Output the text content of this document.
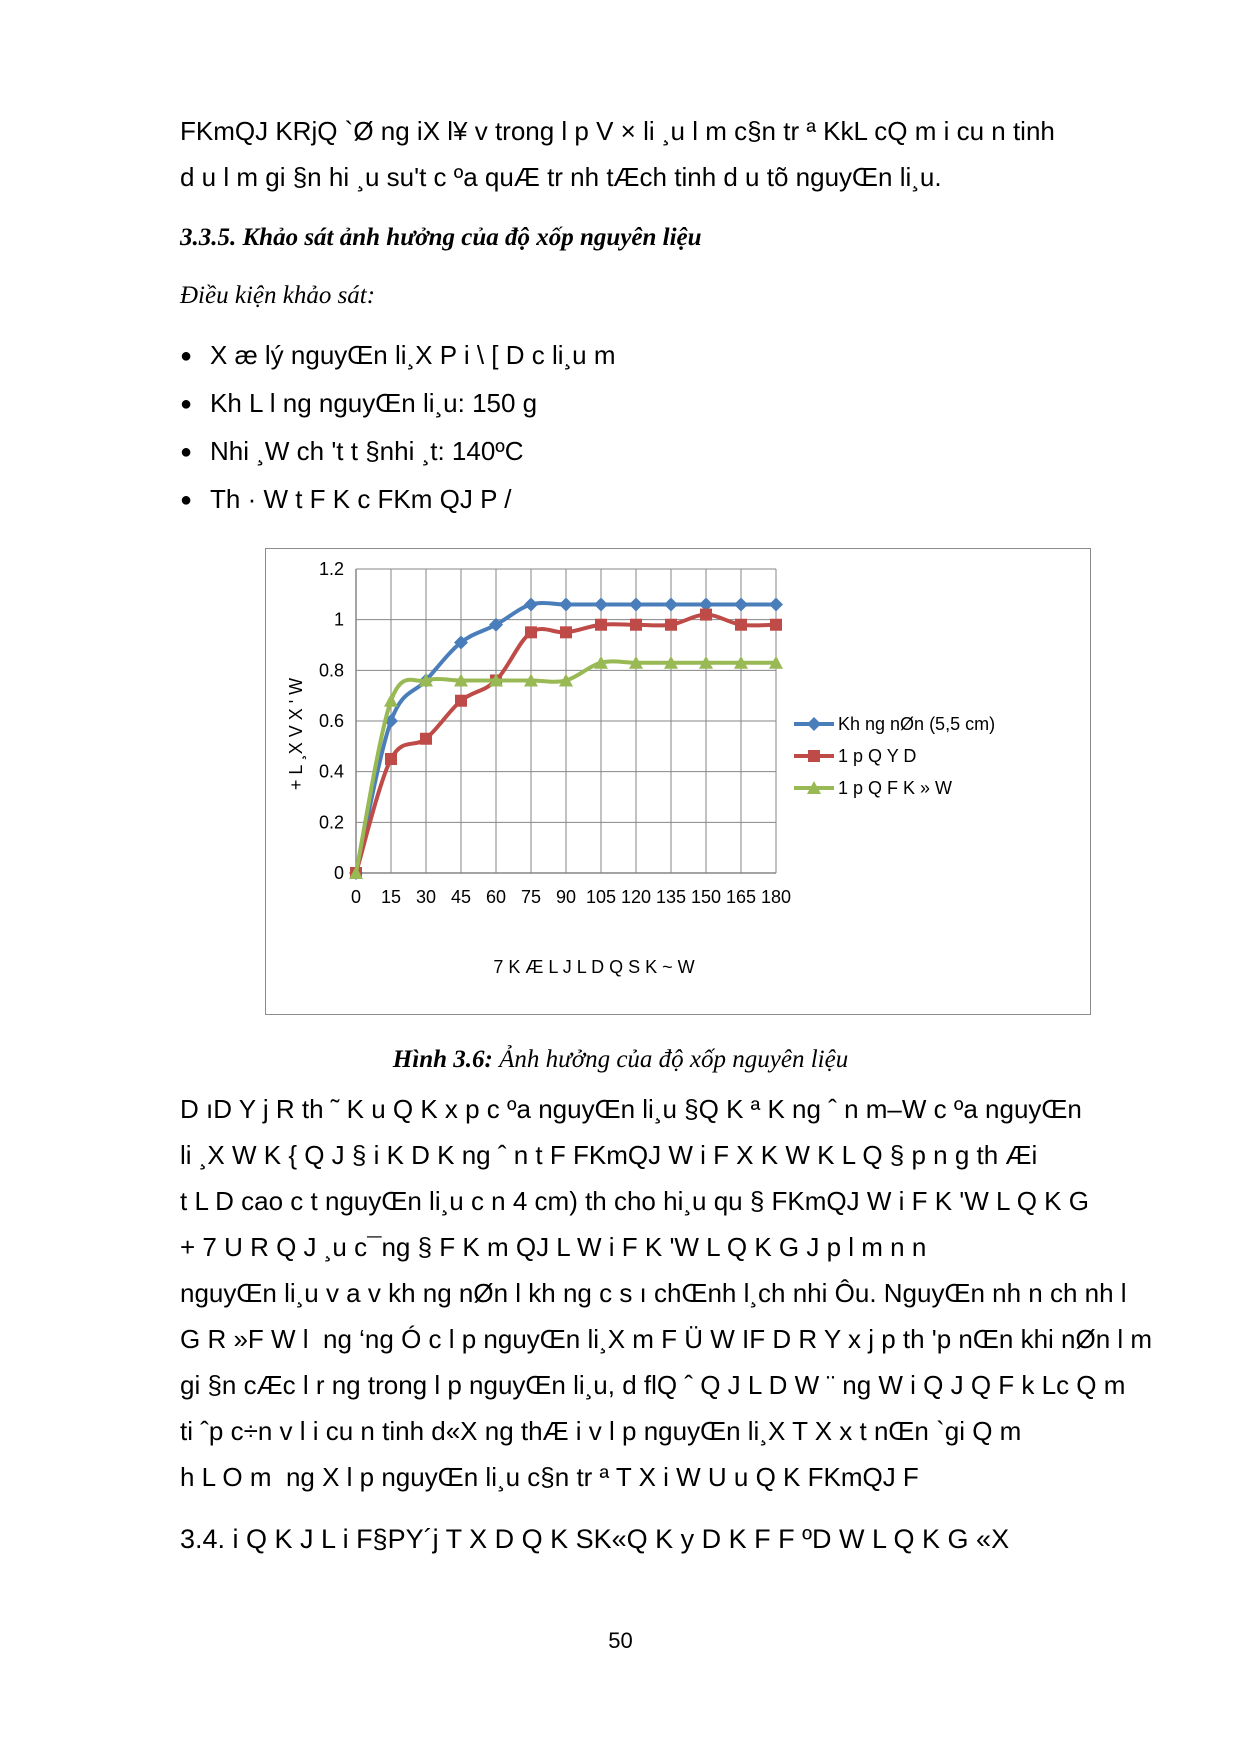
FKmQJ KRjQ `Ø ng iX l¥ v trong l p V × li ¸u l m c§n tr ª KkL cQ m i cu n tinh
d u l m gi §n hi ¸u su't c ºa quÆ tr nh tÆch tinh d u tõ nguyŒn li¸u.
3.3.5. Khảo sát ảnh hưởng của độ xốp nguyên liệu
Điều kiện khảo sát:
● X æ lý nguyŒn li¸X P i \ [ D c li¸u m
● Kh L l ng nguyŒn li¸u: 150 g
● Nhi ¸W ch 't t §nhi ¸t: 140ºC
● Th · W t F K c FKm QJ P /
0
0.2
0.4
0.6
0.8
1
1.2
0 15 30 45 60 75 90 105 120 135 150 165 180
Kh ng nØn (5,5 cm)
1 p Q Y D
1 p Q F K » W
+ L ¸X V X ' W
7 K Æ L J L D Q S K ~ W
Hình 3.6: Ảnh hưởng của độ xốp nguyên liệu
D ıD Y j R th ˜ K u Q K x p c ºa nguyŒn li¸u §Q K ª K ng ˆ n m–W c ºa nguyŒn
li ¸X W K { Q J § i K D K ng ˆ n t F FKmQJ W i F X K W K L Q § p n g th Æi
t L D cao c t nguyŒn li¸u c n 4 cm) th cho hi¸u qu § FKmQJ W i F K 'W L Q K G
+ 7 U R Q J ¸u c¯ng § F K m QJ L W i F K 'W L Q K G J p l m n n
nguyŒn li¸u v a v kh ng nØn l kh ng c s ı chŒnh l¸ch nhi Ôu. NguyŒn nh n ch nh l
G R »F W l ng ‘ng Ó c l p nguyŒn li¸X m F Ü W IF D R Y x j p th 'p nŒn khi nØn l m
gi §n cÆc l r ng trong l p nguyŒn li¸u, d flQ ˆ Q J L D W ¨ ng W i Q J Q F k Lc Q m
ti ˆp c÷n v l i cu n tinh d«X ng thÆ i v l p nguyŒn li¸X T X x t nŒn `gi Q m
h L O m ng X l p nguyŒn li¸u c§n tr ª T X i W U u Q K FKmQJ F
3.4. i Q K J L i F§PY´j T X D Q K SK«Q K y D K F F ºD W L Q K G «X
50
